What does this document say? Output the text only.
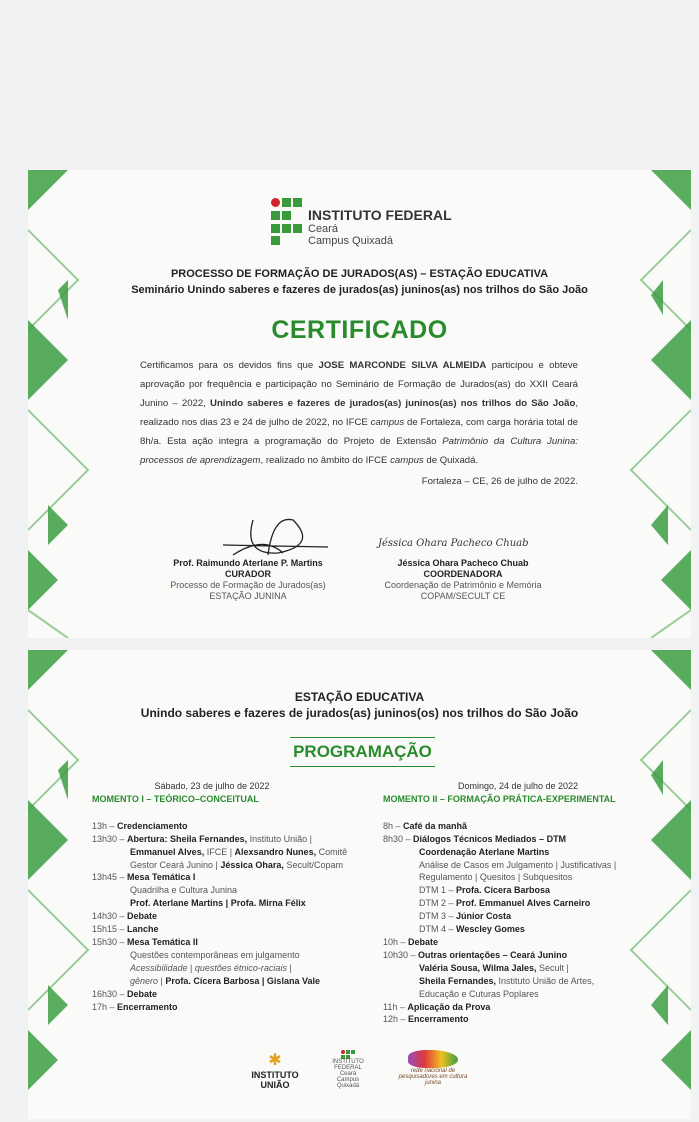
INSTITUTO FEDERAL
Ceará
Campus Quixadá
PROCESSO DE FORMAÇÃO DE JURADOS(AS) – ESTAÇÃO EDUCATIVA
Seminário Unindo saberes e fazeres de jurados(as) juninos(as) nos trilhos do São João
CERTIFICADO
Certificamos para os devidos fins que JOSE MARCONDE SILVA ALMEIDA participou e obteve aprovação por frequência e participação no Seminário de Formação de Jurados(as) do XXII Ceará Junino – 2022, Unindo saberes e fazeres de jurados(as) juninos(as) nos trilhos do São João, realizado nos dias 23 e 24 de julho de 2022, no IFCE campus de Fortaleza, com carga horária total de 8h/a. Esta ação integra a programação do Projeto de Extensão Patrimônio da Cultura Junina: processos de aprendizagem, realizado no âmbito do IFCE campus de Quixadá.
Fortaleza – CE, 26 de julho de 2022.
Prof. Raimundo Aterlane P. Martins
CURADOR
Processo de Formação de Jurados(as)
ESTAÇÃO JUNINA
Jéssica Ohara Pacheco Chuab
Jéssica Ohara Pacheco Chuab
COORDENADORA
Coordenação de Patrimônio e Memória
COPAM/SECULT CE
ESTAÇÃO EDUCATIVA
Unindo saberes e fazeres de jurados(as) juninos(os) nos trilhos do São João
PROGRAMAÇÃO
Sábado, 23 de julho de 2022
MOMENTO I – TEÓRICO–CONCEITUAL
13h – Credenciamento
13h30 – Abertura: Sheila Fernandes, Instituto União |
Emmanuel Alves, IFCE | Alexsandro Nunes, Comitê
Gestor Ceará Junino | Jéssica Ohara, Secult/Copam
13h45 – Mesa Temática I
Quadrilha e Cultura Junina
Prof. Aterlane Martins | Profa. Mirna Félix
14h30 – Debate
15h15 – Lanche
15h30 – Mesa Temática II
Questões contemporâneas em julgamento
Acessibilidade | questões étnico-raciais |
gênero | Profa. Cícera Barbosa | Gislana Vale
16h30 – Debate
17h – Encerramento
Domingo, 24 de julho de 2022
MOMENTO II – FORMAÇÃO PRÁTICA-EXPERIMENTAL
8h – Café da manhã
8h30 – Diálogos Técnicos Mediados – DTM
Coordenação Aterlane Martins
Análise de Casos em Julgamento | Justificativas |
Regulamento | Quesitos | Subquesitos
DTM 1 – Profa. Cícera Barbosa
DTM 2 – Prof. Emmanuel Alves Carneiro
DTM 3 – Júnior Costa
DTM 4 – Wescley Gomes
10h – Debate
10h30 – Outras orientações – Ceará Junino
Valéria Sousa, Wilma Jales, Secult |
Sheila Fernandes, Instituto União de Artes,
Educação e Cuturas Poplares
11h – Aplicação da Prova
12h – Encerramento
✱
INSTITUTO UNIÃO
INSTITUTO FEDERAL Ceará Campus Quixadá
rede nacional de pesquisadores em cultura junina
